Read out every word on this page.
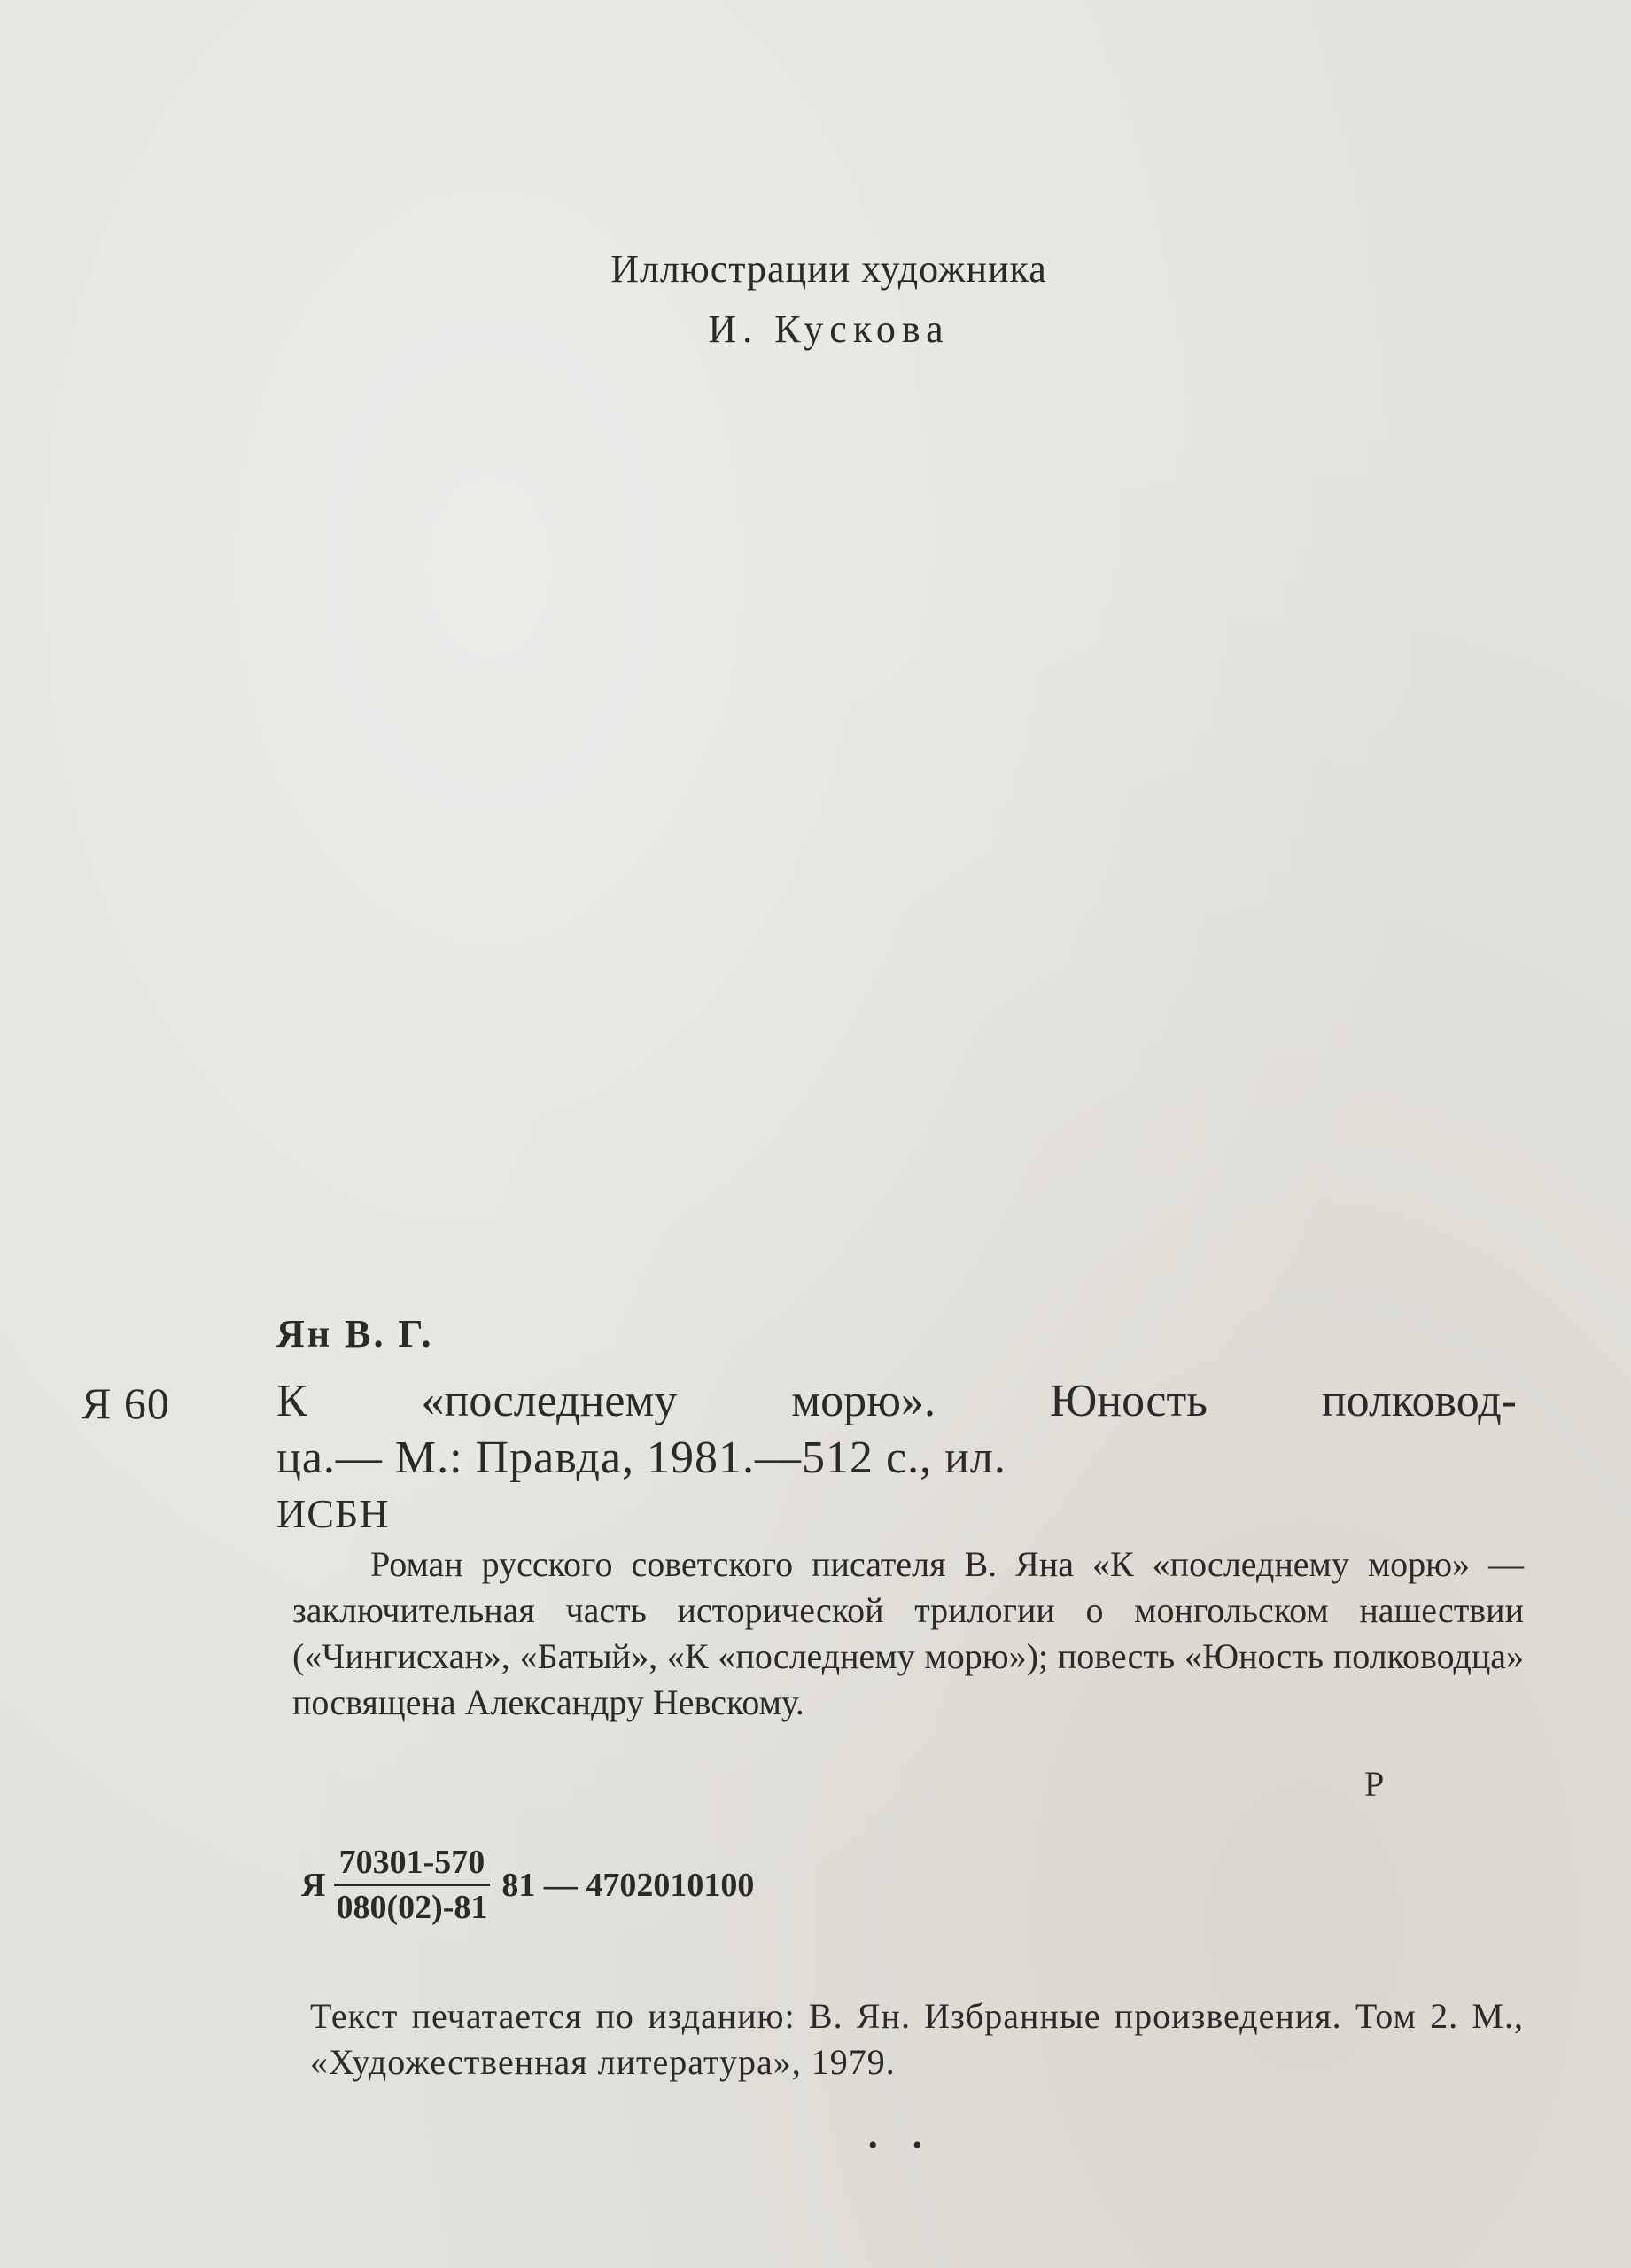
Иллюстрации художника
И. Кускова
Ян В. Г.
Я 60 К «последнему морю». Юность полковод-
ца.— М.: Правда, 1981.—512 с., ил.
ИСБН
Роман русского советского писателя В. Яна «К «последнему морю» — заключительная часть исторической трилогии о монгольском нашествии («Чингисхан», «Батый», «К «последнему морю»); повесть «Юность полководца» посвящена Александру Невскому.
Р
Я $\frac{70301-570}{080(02)-81} 81$ — 4702010100
Текст печатается по изданию: В. Ян. Избранные произведения. Том 2. М., «Художественная литература», 1979.
• •
